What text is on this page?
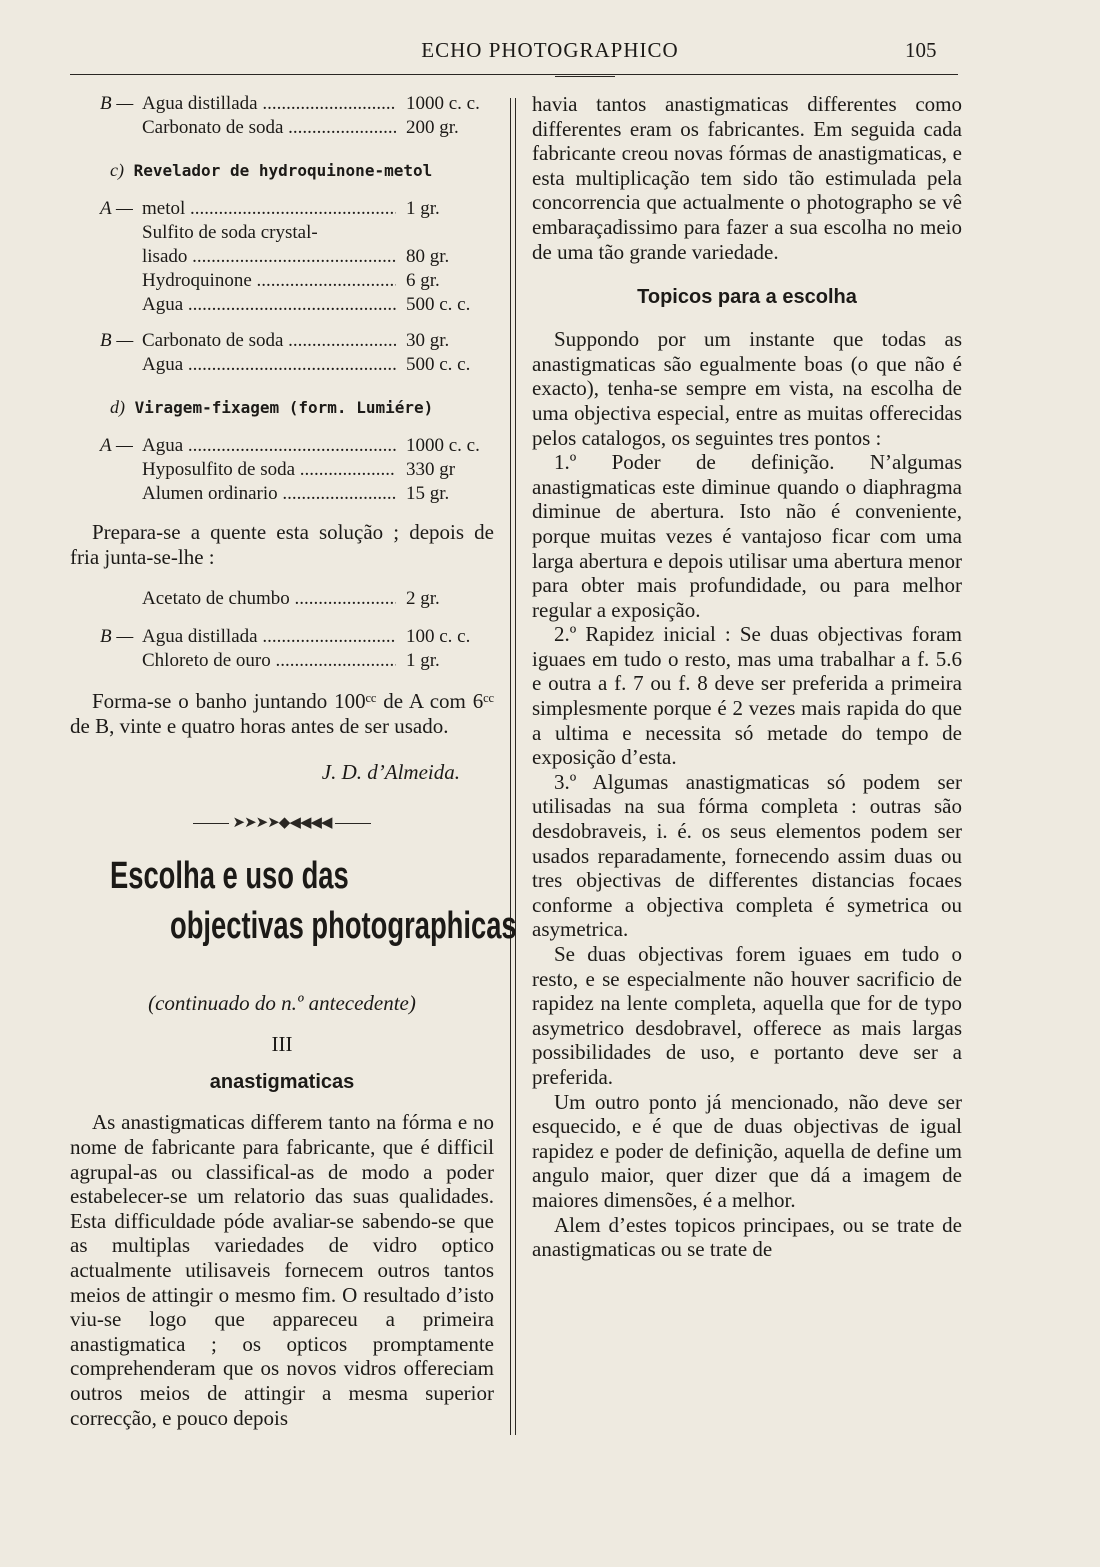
ECHO PHOTOGRAPHICO	105
B — Agua distillada .....	1000 c. c.
Carbonato de soda .....	200 gr.
c) Revelador de hydroquinone-metol
A — metol .....	1 gr.
Sulfito de soda crystal-
lisado .....	80 gr.
Hydroquinone .....	6 gr.
Agua .....	500 c. c.
B — Carbonato de soda .....	30 gr.
Agua .....	500 c. c.
d) Viragem-fixagem (form. Lumiére)
A — Agua .....	1000 c. c.
Hyposulfito de soda .....	330 gr
Alumen ordinario .....	15 gr.

Prepara-se a quente esta solução ; depois de fria junta-se-lhe :

Acetato de chumbo .....	2 gr.
B — Agua distillada .....	100 c. c.
Chloreto de ouro .....	1 gr.

Forma-se o banho juntando 100ᶜᶜ de A com 6ᶜᶜ de B, vinte e quatro horas antes de ser usado.

J. D. d’Almeida.
➤➤➤➤◆◀◀◀◀
Escolha e uso das
objectivas photographicas
(continuado do n.º antecedente)
III
anastigmaticas

As anastigmaticas differem tanto na fórma e no nome de fabricante para fabricante, que é difficil agrupal-as ou classifical-as de modo a poder estabelecer-se um relatorio das suas qualidades. Esta difficuldade póde avaliar-se sabendo-se que as multiplas variedades de vidro optico actualmente utilisaveis fornecem outros tantos meios de attingir o mesmo fim. O resultado d’isto viu-se logo que appareceu a primeira anastigmatica ; os opticos promptamente comprehenderam que os novos vidros offereciam outros meios de attingir a mesma superior correcção, e pouco depois

havia tantos anastigmaticas differentes como differentes eram os fabricantes. Em seguida cada fabricante creou novas fórmas de anastigmaticas, e esta multiplicação tem sido tão estimulada pela concorrencia que actualmente o photographo se vê embaraçadissimo para fazer a sua escolha no meio de uma tão grande variedade.

Topicos para a escolha

Suppondo por um instante que todas as anastigmaticas são egualmente boas (o que não é exacto), tenha-se sempre em vista, na escolha de uma objectiva especial, entre as muitas offerecidas pelos catalogos, os seguintes tres pontos :

1.º Poder de definição. N’algumas anastigmaticas este diminue quando o diaphragma diminue de abertura. Isto não é conveniente, porque muitas vezes é vantajoso ficar com uma larga abertura e depois utilisar uma abertura menor para obter mais profundidade, ou para melhor regular a exposição.

2.º Rapidez inicial : Se duas objectivas foram iguaes em tudo o resto, mas uma trabalhar a f. 5.6 e outra a f. 7 ou f. 8 deve ser preferida a primeira simplesmente porque é 2 vezes mais rapida do que a ultima e necessita só metade do tempo de exposição d’esta.

3.º Algumas anastigmaticas só podem ser utilisadas na sua fórma completa : outras são desdobraveis, i. é. os seus elementos podem ser usados reparadamente, fornecendo assim duas ou tres objectivas de differentes distancias focaes conforme a objectiva completa é symetrica ou asymetrica.

Se duas objectivas forem iguaes em tudo o resto, e se especialmente não houver sacrificio de rapidez na lente completa, aquella que for de typo asymetrico desdobravel, offerece as mais largas possibilidades de uso, e portanto deve ser a preferida.

Um outro ponto já mencionado, não deve ser esquecido, e é que de duas objectivas de igual rapidez e poder de definição, aquella de define um angulo maior, quer dizer que dá a imagem de maiores dimensões, é a melhor.

Alem d’estes topicos principaes, ou se trate de anastigmaticas ou se trate de
